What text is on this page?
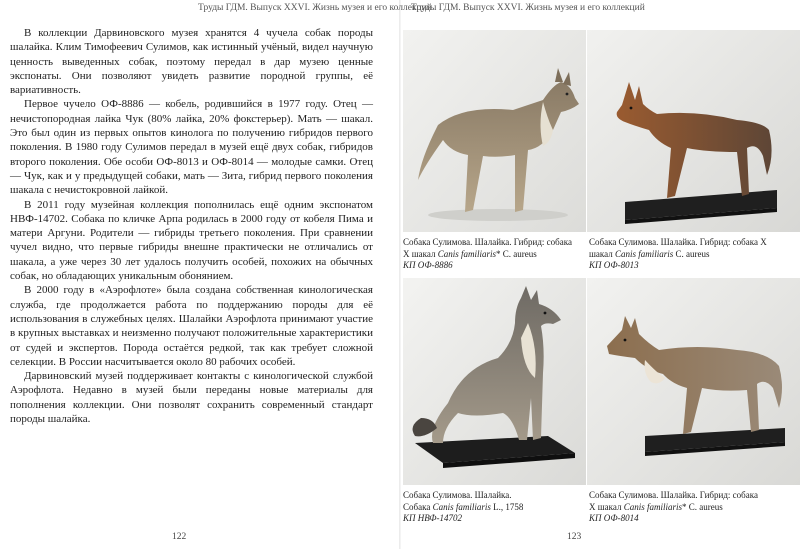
Труды ГДМ. Выпуск XXVI. Жизнь музея и его коллекций

В коллекции Дарвиновского музея хранятся 4 чучела собак породы шалайка. Клим Тимофеевич Сулимов, как истинный учёный, видел научную ценность выведенных собак, поэтому передал в дар музею ценные экспонаты. Они позволяют увидеть развитие породной группы, её вариативность.

Первое чучело ОФ-8886 — кобель, родившийся в 1977 году. Отец — нечистопородная лайка Чук (80% лайка, 20% фокстерьер). Мать — шакал. Это был один из первых опытов кинолога по получению гибридов первого поколения. В 1980 году Сулимов передал в музей ещё двух собак, гибридов второго поколения. Обе особи ОФ-8013 и ОФ-8014 — молодые самки. Отец — Чук, как и у предыдущей собаки, мать — Зита, гибрид первого поколения шакала с нечистокровной лайкой.

В 2011 году музейная коллекция пополнилась ещё одним экспонатом НВФ-14702. Собака по кличке Арпа родилась в 2000 году от кобеля Пима и матери Аргуни. Родители — гибриды третьего поколения. При сравнении чучел видно, что первые гибриды внешне практически не отличались от шакала, а уже через 30 лет удалось получить особей, похожих на обычных собак, но обладающих уникальным обонянием.

В 2000 году в «Аэрофлоте» была создана собственная кинологическая служба, где продолжается работа по поддержанию породы для её использования в служебных целях. Шалайки Аэрофлота принимают участие в крупных выставках и неизменно получают положительные характеристики от судей и экспертов. Порода остаётся редкой, так как требует сложной селекции. В России насчитывается около 80 рабочих особей.

Дарвиновский музей поддерживает контакты с кинологической службой Аэрофлота. Недавно в музей были переданы новые материалы для пополнения коллекции. Они позволят сохранить современный стандарт породы шалайка.

122
Труды ГДМ. Выпуск XXVI. Жизнь музея и его коллекций
Собака Сулимова. Шалайка. Гибрид: собака
Х шакал Canis familiaris* C. aureus
КП ОФ-8886
Собака Сулимова. Шалайка. Гибрид: собака Х
шакал Canis familiaris C. aureus
КП ОФ-8013
Собака Сулимова. Шалайка.
Собака Canis familiaris L., 1758
КП НВФ-14702
Собака Сулимова. Шалайка. Гибрид: собака
Х шакал Canis familiaris* C. aureus
КП ОФ-8014
123
